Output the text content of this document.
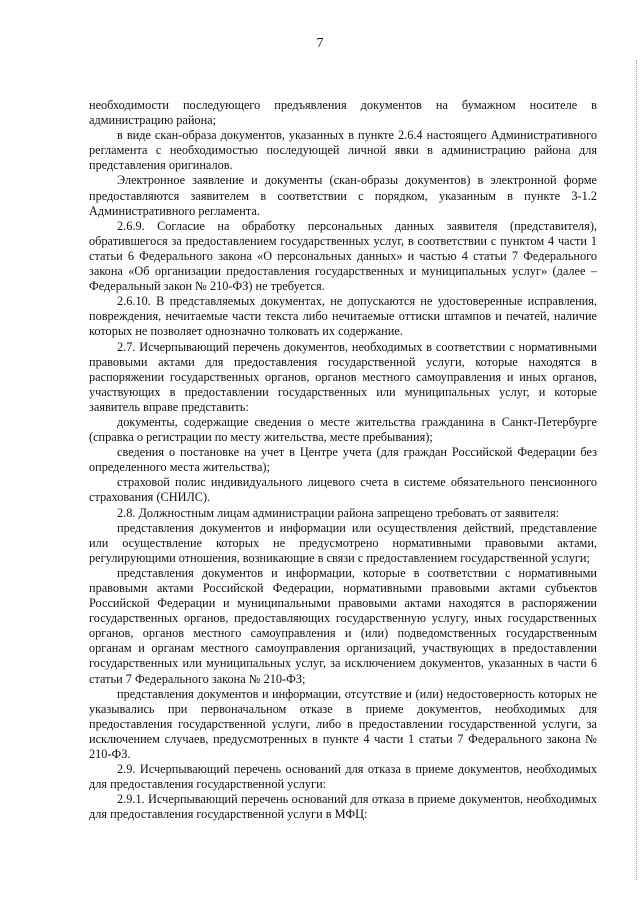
7

необходимости последующего предъявления документов на бумажном носителе в администрацию района;

в виде скан-образа документов, указанных в пункте 2.6.4 настоящего Административного регламента с необходимостью последующей личной явки в администрацию района для представления оригиналов.

Электронное заявление и документы (скан-образы документов) в электронной форме предоставляются заявителем в соответствии с порядком, указанным в пункте 3-1.2 Административного регламента.

2.6.9. Согласие на обработку персональных данных заявителя (представителя), обратившегося за предоставлением государственных услуг, в соответствии с пунктом 4 части 1 статьи 6 Федерального закона «О персональных данных» и частью 4 статьи 7 Федерального закона «Об организации предоставления государственных и муниципальных услуг» (далее – Федеральный закон № 210-ФЗ) не требуется.

2.6.10. В представляемых документах, не допускаются не удостоверенные исправления, повреждения, нечитаемые части текста либо нечитаемые оттиски штампов и печатей, наличие которых не позволяет однозначно толковать их содержание.

2.7. Исчерпывающий перечень документов, необходимых в соответствии с нормативными правовыми актами для предоставления государственной услуги, которые находятся в распоряжении государственных органов, органов местного самоуправления и иных органов, участвующих в предоставлении государственных или муниципальных услуг, и которые заявитель вправе представить:

документы, содержащие сведения о месте жительства гражданина в Санкт-Петербурге (справка о регистрации по месту жительства, месте пребывания);

сведения о постановке на учет в Центре учета (для граждан Российской Федерации без определенного места жительства);

страховой полис индивидуального лицевого счета в системе обязательного пенсионного страхования (СНИЛС).

2.8. Должностным лицам администрации района запрещено требовать от заявителя:

представления документов и информации или осуществления действий, представление или осуществление которых не предусмотрено нормативными правовыми актами, регулирующими отношения, возникающие в связи с предоставлением государственной услуги;

представления документов и информации, которые в соответствии с нормативными правовыми актами Российской Федерации, нормативными правовыми актами субъектов Российской Федерации и муниципальными правовыми актами находятся в распоряжении государственных органов, предоставляющих государственную услугу, иных государственных органов, органов местного самоуправления и (или) подведомственных государственным органам и органам местного самоуправления организаций, участвующих в предоставлении государственных или муниципальных услуг, за исключением документов, указанных в части 6 статьи 7 Федерального закона № 210-ФЗ;

представления документов и информации, отсутствие и (или) недостоверность которых не указывались при первоначальном отказе в приеме документов, необходимых для предоставления государственной услуги, либо в предоставлении государственной услуги, за исключением случаев, предусмотренных в пункте 4 части 1 статьи 7 Федерального закона № 210-ФЗ.

2.9. Исчерпывающий перечень оснований для отказа в приеме документов, необходимых для предоставления государственной услуги:

2.9.1. Исчерпывающий перечень оснований для отказа в приеме документов, необходимых для предоставления государственной услуги в МФЦ:
